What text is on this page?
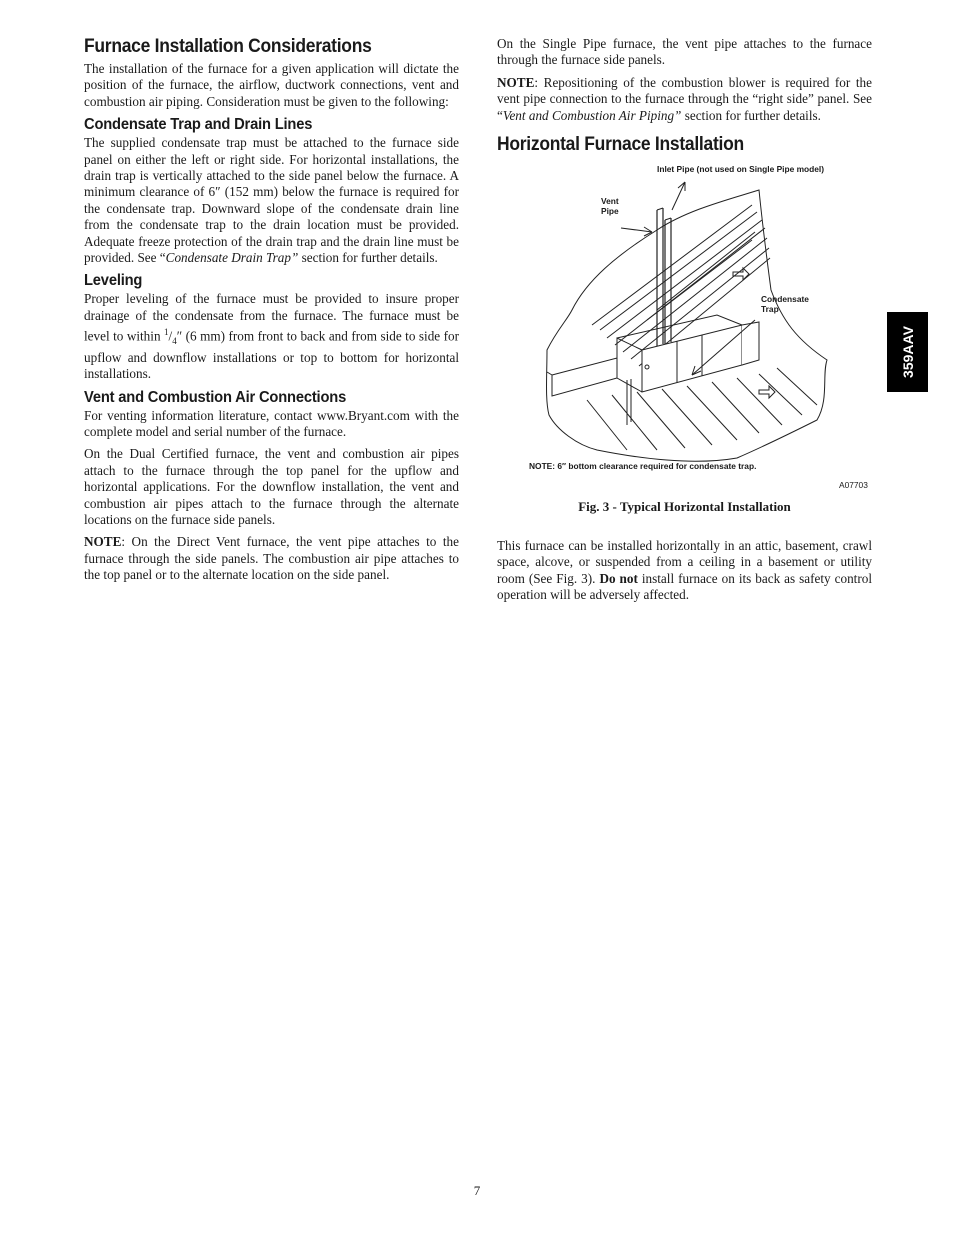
Furnace Installation Considerations

The installation of the furnace for a given application will dictate the position of the furnace, the airflow, ductwork connections, vent and combustion air piping. Consideration must be given to the following:

Condensate Trap and Drain Lines

The supplied condensate trap must be attached to the furnace side panel on either the left or right side. For horizontal installations, the drain trap is vertically attached to the side panel below the furnace. A minimum clearance of 6″ (152 mm) below the furnace is required for the condensate trap. Downward slope of the condensate drain line from the condensate trap to the drain location must be provided. Adequate freeze protection of the drain trap and the drain line must be provided. See “Condensate Drain Trap” section for further details.

Leveling

Proper leveling of the furnace must be provided to insure proper drainage of the condensate from the furnace. The furnace must be level to within $^1/_4''$ (6 mm) from front to back and from side to side for upflow and downflow installations or top to bottom for horizontal installations.

Vent and Combustion Air Connections

For venting information literature, contact www.Bryant.com with the complete model and serial number of the furnace.

On the Dual Certified furnace, the vent and combustion air pipes attach to the furnace through the top panel for the upflow and horizontal applications. For the downflow installation, the vent and combustion air pipes attach to the furnace through the alternate locations on the furnace side panels.

NOTE: On the Direct Vent furnace, the vent pipe attaches to the furnace through the side panels. The combustion air pipe attaches to the top panel or to the alternate location on the side panel.

On the Single Pipe furnace, the vent pipe attaches to the furnace through the furnace side panels.

NOTE: Repositioning of the combustion blower is required for the vent pipe connection to the furnace through the “right side” panel. See “Vent and Combustion Air Piping” section for further details.

Horizontal Furnace Installation
Inlet Pipe (not used on Single Pipe model)
Vent
Pipe
Condensate
Trap
NOTE: 6″ bottom clearance required for condensate trap.
A07703
Fig. 3 - Typical Horizontal Installation

This furnace can be installed horizontally in an attic, basement, crawl space, alcove, or suspended from a ceiling in a basement or utility room (See Fig. 3). Do not install furnace on its back as safety control operation will be adversely affected.

359AAV
7
